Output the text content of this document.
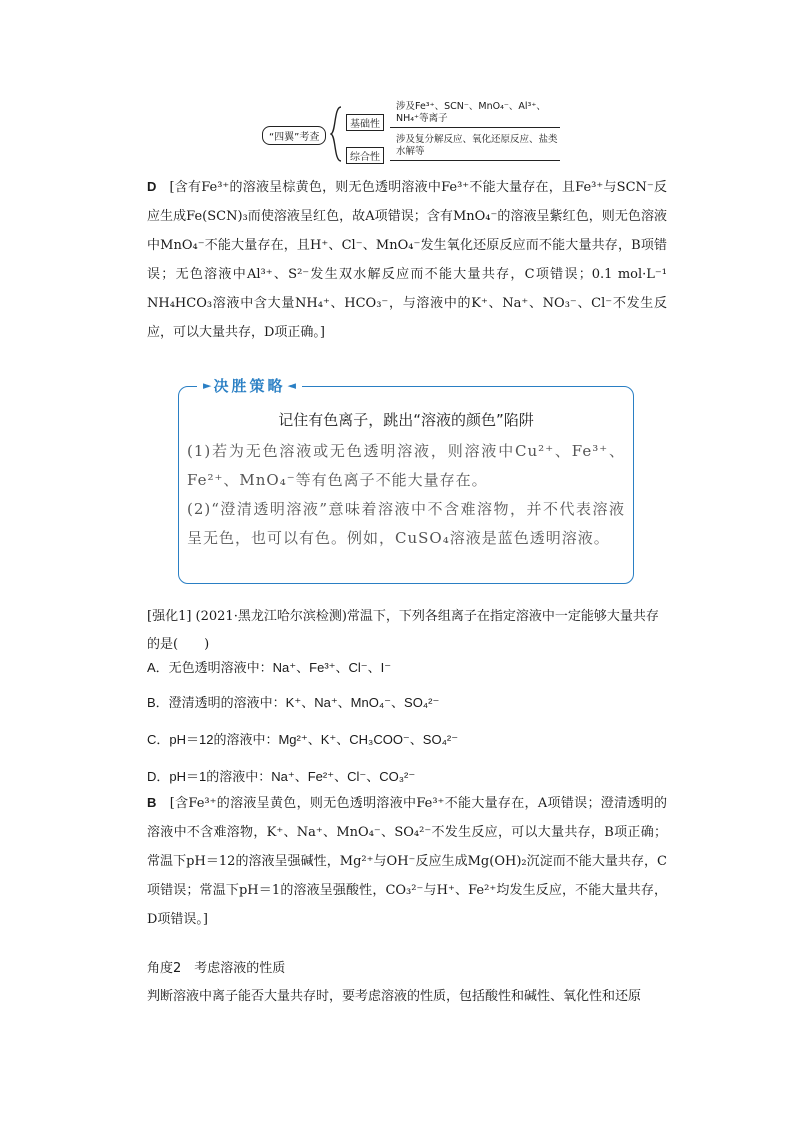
“四翼”考查
基础性
涉及Fe³⁺、SCN⁻、MnO₄⁻、Al³⁺、NH₄⁺等离子
综合性
涉及复分解反应、氧化还原反应、盐类水解等
D [含有Fe³⁺的溶液呈棕黄色，则无色透明溶液中Fe³⁺不能大量存在，且Fe³⁺与SCN⁻反应生成Fe(SCN)₃而使溶液呈红色，故A项错误；含有MnO₄⁻的溶液呈紫红色，则无色溶液中MnO₄⁻不能大量存在，且H⁺、Cl⁻、MnO₄⁻发生氧化还原反应而不能大量共存，B项错误；无色溶液中Al³⁺、S²⁻发生双水解反应而不能大量共存，C项错误；0.1 mol·L⁻¹ NH₄HCO₃溶液中含大量NH₄⁺、HCO₃⁻，与溶液中的K⁺、Na⁺、NO₃⁻、Cl⁻不发生反应，可以大量共存，D项正确。]
► 决胜策略 ◄
记住有色离子，跳出“溶液的颜色”陷阱
(1)若为无色溶液或无色透明溶液，则溶液中Cu²⁺、Fe³⁺、Fe²⁺、MnO₄⁻等有色离子不能大量存在。
(2)“澄清透明溶液”意味着溶液中不含难溶物，并不代表溶液呈无色，也可以有色。例如，CuSO₄溶液是蓝色透明溶液。
[强化1] (2021·黑龙江哈尔滨检测)常温下，下列各组离子在指定溶液中一定能够大量共存的是(　　)
A．无色透明溶液中：Na⁺、Fe³⁺、Cl⁻、I⁻
B．澄清透明的溶液中：K⁺、Na⁺、MnO₄⁻、SO₄²⁻
C．pH＝12的溶液中：Mg²⁺、K⁺、CH₃COO⁻、SO₄²⁻
D．pH＝1的溶液中：Na⁺、Fe²⁺、Cl⁻、CO₃²⁻
B [含Fe³⁺的溶液呈黄色，则无色透明溶液中Fe³⁺不能大量存在，A项错误；澄清透明的溶液中不含难溶物，K⁺、Na⁺、MnO₄⁻、SO₄²⁻不发生反应，可以大量共存，B项正确；常温下pH＝12的溶液呈强碱性，Mg²⁺与OH⁻反应生成Mg(OH)₂沉淀而不能大量共存，C项错误；常温下pH＝1的溶液呈强酸性，CO₃²⁻与H⁺、Fe²⁺均发生反应，不能大量共存，D项错误。]
角度2　考虑溶液的性质
判断溶液中离子能否大量共存时，要考虑溶液的性质，包括酸性和碱性、氧化性和还原
